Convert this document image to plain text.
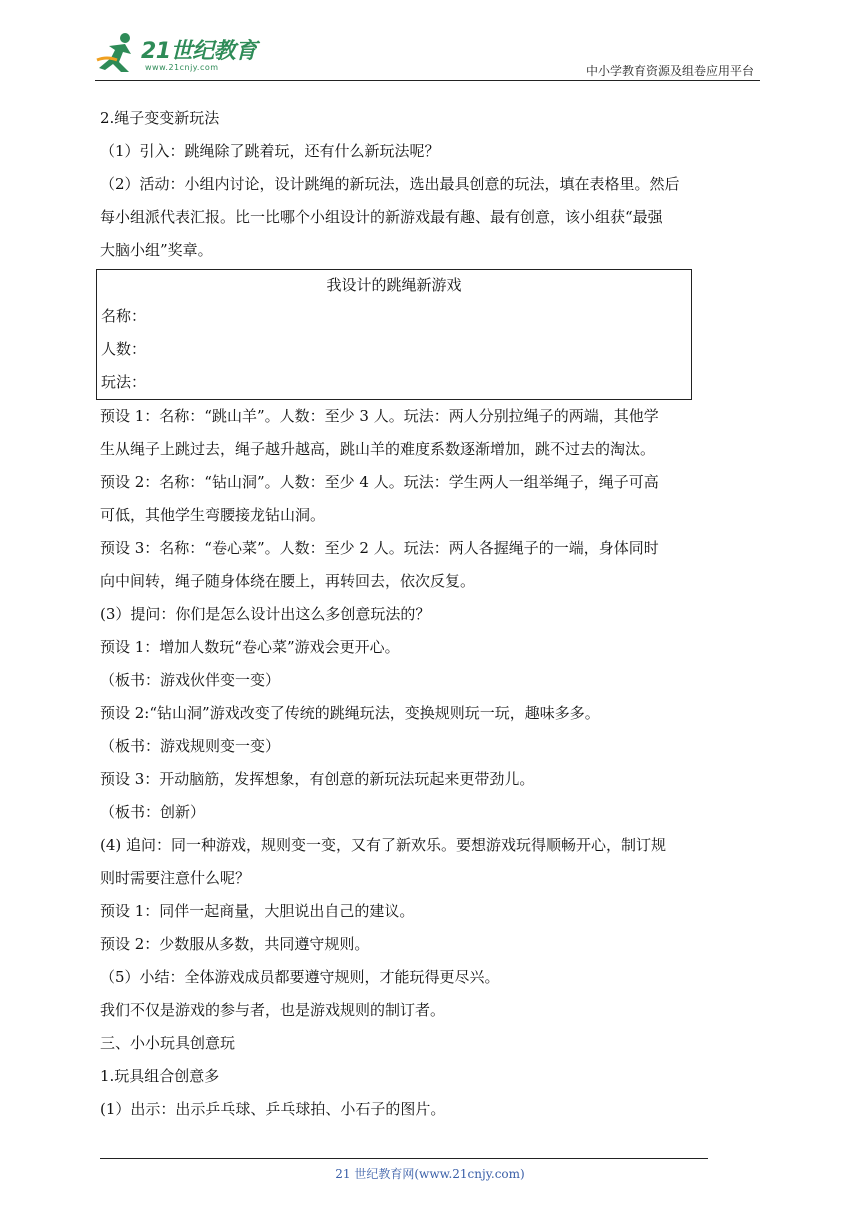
21世纪教育
www.21cnjy.com	中小学教育资源及组卷应用平台

2.绳子变变新玩法

（1）引入：跳绳除了跳着玩，还有什么新玩法呢？

（2）活动：小组内讨论，设计跳绳的新玩法，选出最具创意的玩法，填在表格里。然后

每小组派代表汇报。比一比哪个小组设计的新游戏最有趣、最有创意，该小组获“最强

大脑小组”奖章。

我设计的跳绳新游戏
名称：
人数：
玩法：

预设 1：名称：“跳山羊”。人数：至少 3 人。玩法：两人分别拉绳子的两端，其他学

生从绳子上跳过去，绳子越升越高，跳山羊的难度系数逐渐增加，跳不过去的淘汰。

预设 2：名称：“钻山洞”。人数：至少 4 人。玩法：学生两人一组举绳子，绳子可高

可低，其他学生弯腰接龙钻山洞。

预设 3：名称：“卷心菜”。人数：至少 2 人。玩法：两人各握绳子的一端，身体同时

向中间转，绳子随身体绕在腰上，再转回去，依次反复。

(3）提问：你们是怎么设计出这么多创意玩法的？

预设 1：增加人数玩“卷心菜”游戏会更开心。

（板书：游戏伙伴变一变）

预设 2:“钻山洞”游戏改变了传统的跳绳玩法，变换规则玩一玩，趣味多多。

（板书：游戏规则变一变）

预设 3：开动脑筋，发挥想象，有创意的新玩法玩起来更带劲儿。

（板书：创新）

(4) 追问：同一种游戏，规则变一变，又有了新欢乐。要想游戏玩得顺畅开心，制订规

则时需要注意什么呢？

预设 1：同伴一起商量，大胆说出自己的建议。

预设 2：少数服从多数，共同遵守规则。

（5）小结：全体游戏成员都要遵守规则，才能玩得更尽兴。

我们不仅是游戏的参与者，也是游戏规则的制订者。

三、小小玩具创意玩

1.玩具组合创意多

(1）出示：出示乒乓球、乒乓球拍、小石子的图片。

21 世纪教育网(www.21cnjy.com)
